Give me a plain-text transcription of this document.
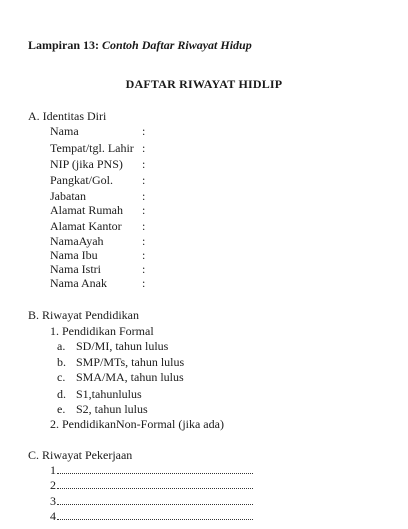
Lampiran 13: Contoh Daftar Riwayat Hidup
DAFTAR RIWAYAT HIDLIP
A. Identitas Diri
Nama	:
Tempat/tgl. Lahir :
NIP (jika PNS) :
Pangkat/Gol. :
Jabatan	:
Alamat Rumah :
Alamat Kantor :
NamaAyah	:
Nama Ibu	:
Nama Istri	:
Nama Anak	:
B. Riwayat Pendidikan
1. Pendidikan Formal
a. SD/MI, tahun lulus
b. SMP/MTs, tahun lulus
c. SMA/MA, tahun lulus
d. S1,tahunlulus
e. S2, tahun lulus
2. PendidikanNon-Formal (jika ada)
C. Riwayat Pekerjaan
1
2
3
4
